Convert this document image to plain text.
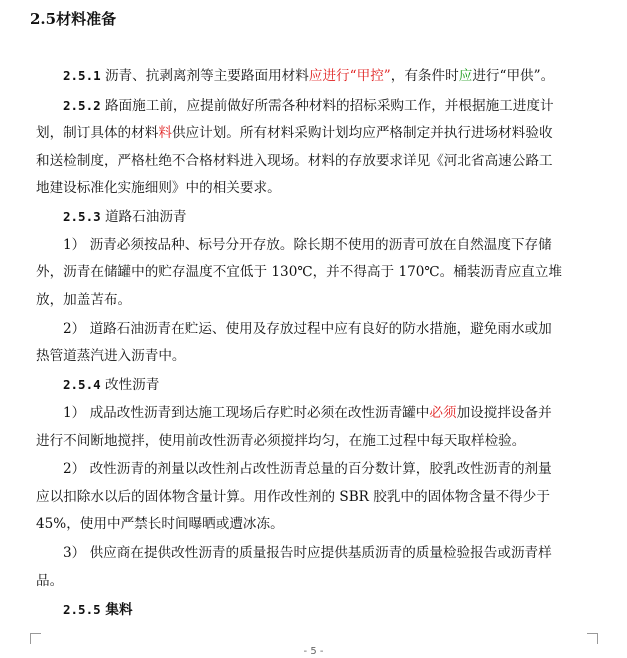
2.5材料准备
2.5.1 沥青、抗剥离剂等主要路面用材料应进行“甲控”，有条件时应进行“甲供”。
2.5.2 路面施工前，应提前做好所需各种材料的招标采购工作，并根据施工进度计
划，制订具体的材料料供应计划。所有材料采购计划均应严格制定并执行进场材料验收
和送检制度，严格杜绝不合格材料进入现场。材料的存放要求详见《河北省高速公路工
地建设标准化实施细则》中的相关要求。
2.5.3 道路石油沥青
1） 沥青必须按品种、标号分开存放。除长期不使用的沥青可放在自然温度下存储
外，沥青在储罐中的贮存温度不宜低于 130℃，并不得高于 170℃。桶装沥青应直立堆
放，加盖苫布。
2） 道路石油沥青在贮运、使用及存放过程中应有良好的防水措施，避免雨水或加
热管道蒸汽进入沥青中。
2.5.4 改性沥青
1） 成品改性沥青到达施工现场后存贮时必须在改性沥青罐中必须加设搅拌设备并
进行不间断地搅拌，使用前改性沥青必须搅拌均匀，在施工过程中每天取样检验。
2） 改性沥青的剂量以改性剂占改性沥青总量的百分数计算，胶乳改性沥青的剂量
应以扣除水以后的固体物含量计算。用作改性剂的 SBR 胶乳中的固体物含量不得少于
45%，使用中严禁长时间曝晒或遭冰冻。
3） 供应商在提供改性沥青的质量报告时应提供基质沥青的质量检验报告或沥青样
品。
2.5.5 集料
- 5 -
